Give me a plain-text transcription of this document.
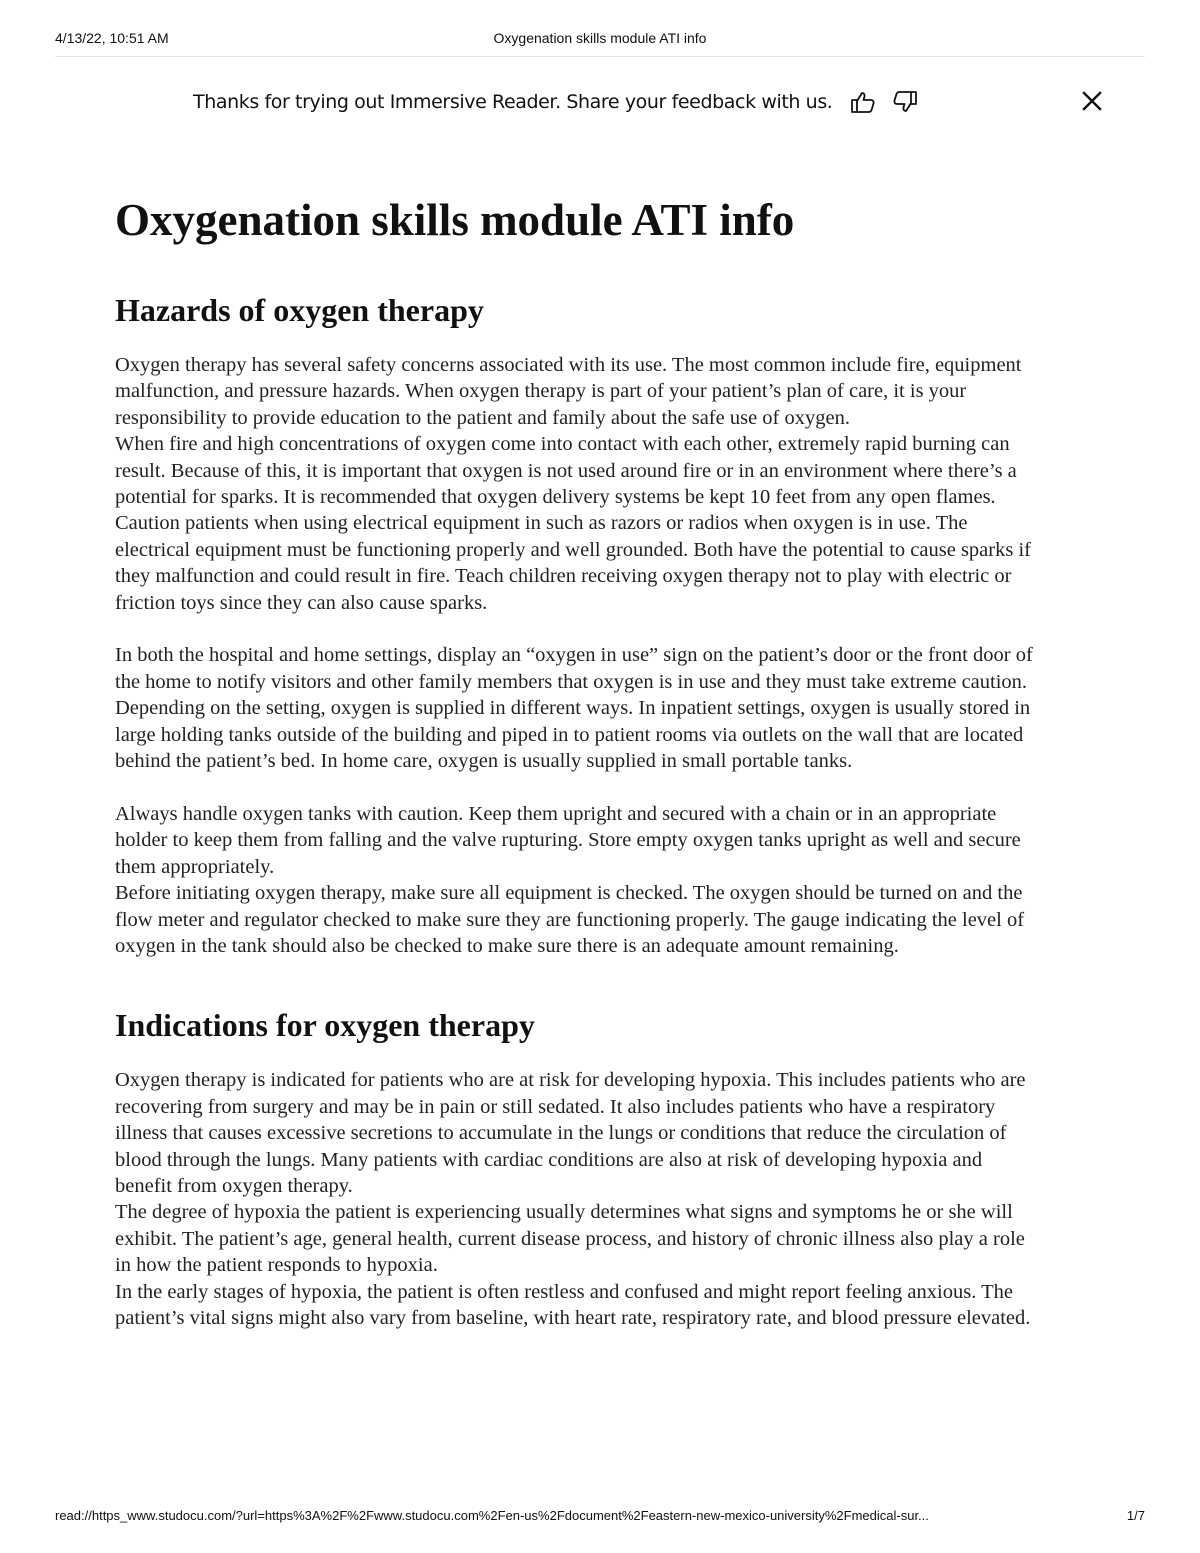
4/13/22, 10:51 AM	Oxygenation skills module ATI info
Thanks for trying out Immersive Reader. Share your feedback with us.
Oxygenation skills module ATI info
Hazards of oxygen therapy

Oxygen therapy has several safety concerns associated with its use. The most common include fire, equipment malfunction, and pressure hazards. When oxygen therapy is part of your patient’s plan of care, it is your responsibility to provide education to the patient and family about the safe use of oxygen.

When fire and high concentrations of oxygen come into contact with each other, extremely rapid burning can result. Because of this, it is important that oxygen is not used around fire or in an environment where there’s a potential for sparks. It is recommended that oxygen delivery systems be kept 10 feet from any open flames.

Caution patients when using electrical equipment in such as razors or radios when oxygen is in use. The electrical equipment must be functioning properly and well grounded. Both have the potential to cause sparks if they malfunction and could result in fire. Teach children receiving oxygen therapy not to play with electric or friction toys since they can also cause sparks.

In both the hospital and home settings, display an “oxygen in use” sign on the patient’s door or the front door of the home to notify visitors and other family members that oxygen is in use and they must take extreme caution.

Depending on the setting, oxygen is supplied in different ways. In inpatient settings, oxygen is usually stored in large holding tanks outside of the building and piped in to patient rooms via outlets on the wall that are located behind the patient’s bed. In home care, oxygen is usually supplied in small portable tanks.

Always handle oxygen tanks with caution. Keep them upright and secured with a chain or in an appropriate holder to keep them from falling and the valve rupturing. Store empty oxygen tanks upright as well and secure them appropriately.

Before initiating oxygen therapy, make sure all equipment is checked. The oxygen should be turned on and the flow meter and regulator checked to make sure they are functioning properly. The gauge indicating the level of oxygen in the tank should also be checked to make sure there is an adequate amount remaining.

Indications for oxygen therapy

Oxygen therapy is indicated for patients who are at risk for developing hypoxia. This includes patients who are recovering from surgery and may be in pain or still sedated. It also includes patients who have a respiratory illness that causes excessive secretions to accumulate in the lungs or conditions that reduce the circulation of blood through the lungs. Many patients with cardiac conditions are also at risk of developing hypoxia and benefit from oxygen therapy.

The degree of hypoxia the patient is experiencing usually determines what signs and symptoms he or she will exhibit. The patient’s age, general health, current disease process, and history of chronic illness also play a role in how the patient responds to hypoxia.

In the early stages of hypoxia, the patient is often restless and confused and might report feeling anxious. The patient’s vital signs might also vary from baseline, with heart rate, respiratory rate, and blood pressure elevated.

read://https_www.studocu.com/?url=https%3A%2F%2Fwww.studocu.com%2Fen-us%2Fdocument%2Feastern-new-mexico-university%2Fmedical-sur...	1/7
